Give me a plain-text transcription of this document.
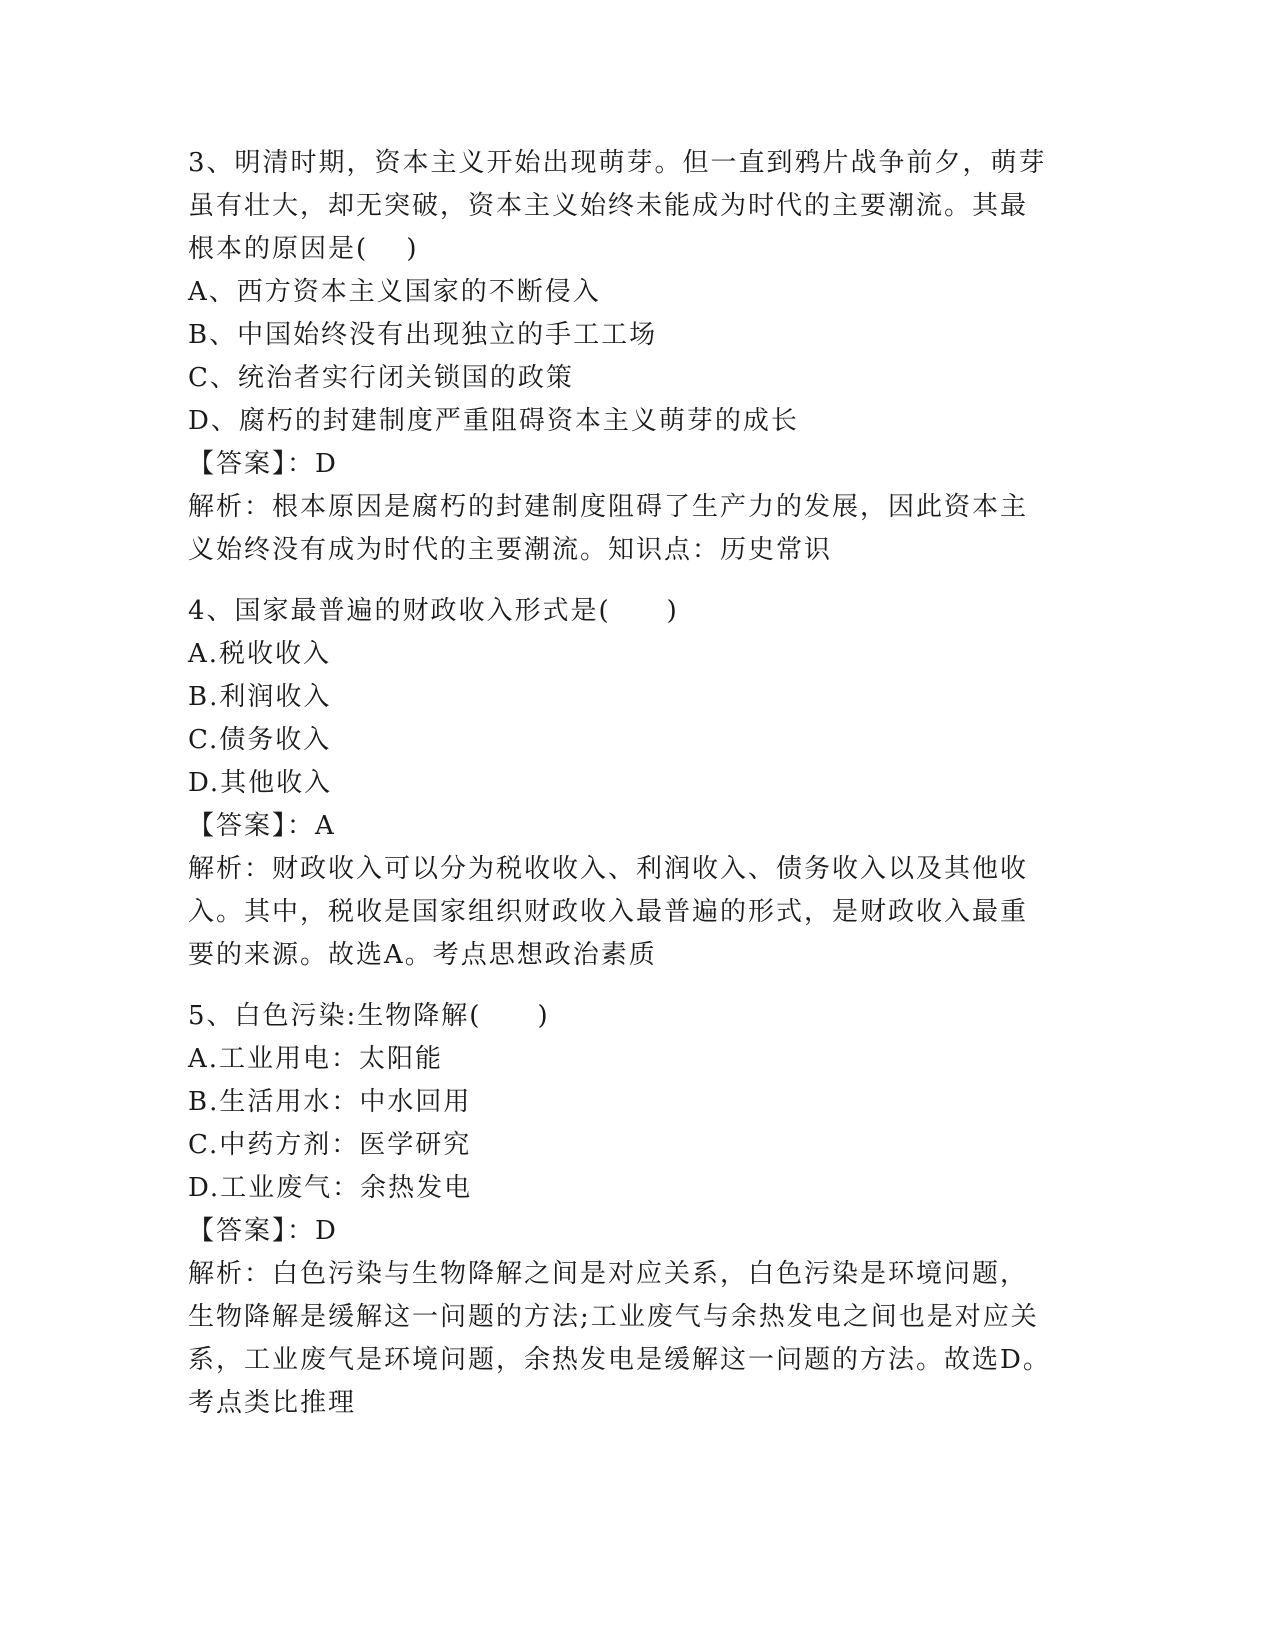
3、明清时期，资本主义开始出现萌芽。但一直到鸦片战争前夕，萌芽
虽有壮大，却无突破，资本主义始终未能成为时代的主要潮流。其最
根本的原因是(　 )
A、西方资本主义国家的不断侵入
B、中国始终没有出现独立的手工工场
C、统治者实行闭关锁国的政策
D、腐朽的封建制度严重阻碍资本主义萌芽的成长
【答案】：D
解析：根本原因是腐朽的封建制度阻碍了生产力的发展，因此资本主
义始终没有成为时代的主要潮流。知识点：历史常识
4、国家最普遍的财政收入形式是(　　)
A.税收收入
B.利润收入
C.债务收入
D.其他收入
【答案】：A
解析：财政收入可以分为税收收入、利润收入、债务收入以及其他收
入。其中，税收是国家组织财政收入最普遍的形式，是财政收入最重
要的来源。故选A。考点思想政治素质
5、白色污染:生物降解(　　)
A.工业用电：太阳能
B.生活用水：中水回用
C.中药方剂：医学研究
D.工业废气：余热发电
【答案】：D
解析：白色污染与生物降解之间是对应关系，白色污染是环境问题，
生物降解是缓解这一问题的方法;工业废气与余热发电之间也是对应关
系，工业废气是环境问题，余热发电是缓解这一问题的方法。故选D。
考点类比推理
